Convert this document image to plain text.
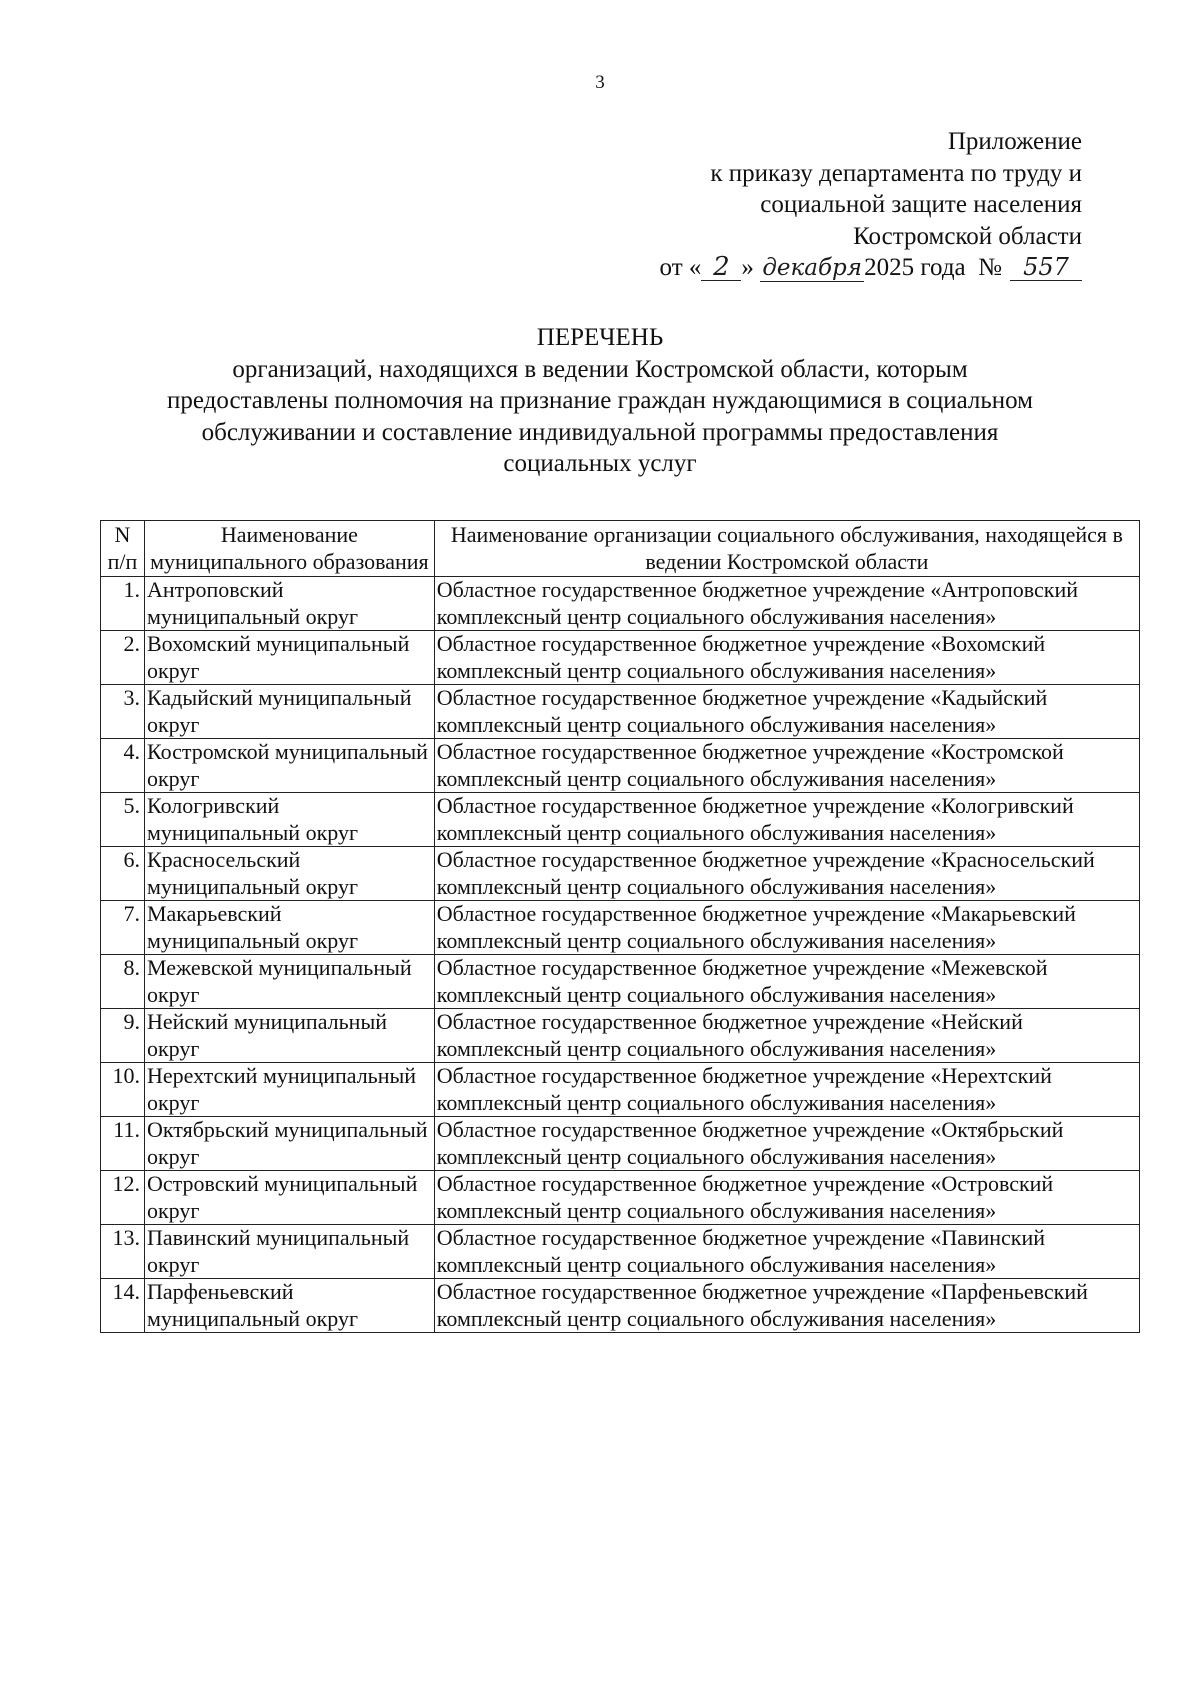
3
Приложение
к приказу департамента по труду и
социальной защите населения
Костромской области
от « 2 »
декабря 2025 года
№ 557
ПЕРЕЧЕНЬ
организаций, находящихся в ведении Костромской области, которым
предоставлены полномочия на признание граждан нуждающимися в социальном
обслуживании и составление индивидуальной программы предоставления
социальных услуг
N п/п	Наименование муниципального образования	Наименование организации социального обслуживания, находящейся в ведении Костромской области
1.	Антроповский муниципальный округ	Областное государственное бюджетное учреждение «Антроповский комплексный центр социального обслуживания населения»
2.	Вохомский муниципальный округ	Областное государственное бюджетное учреждение «Вохомский комплексный центр социального обслуживания населения»
3.	Кадыйский муниципальный округ	Областное государственное бюджетное учреждение «Кадыйский комплексный центр социального обслуживания населения»
4.	Костромской муниципальный округ	Областное государственное бюджетное учреждение «Костромской комплексный центр социального обслуживания населения»
5.	Кологривский муниципальный округ	Областное государственное бюджетное учреждение «Кологривский комплексный центр социального обслуживания населения»
6.	Красносельский муниципальный округ	Областное государственное бюджетное учреждение «Красносельский комплексный центр социального обслуживания населения»
7.	Макарьевский муниципальный округ	Областное государственное бюджетное учреждение «Макарьевский комплексный центр социального обслуживания населения»
8.	Межевской муниципальный округ	Областное государственное бюджетное учреждение «Межевской комплексный центр социального обслуживания населения»
9.	Нейский муниципальный округ	Областное государственное бюджетное учреждение «Нейский комплексный центр социального обслуживания населения»
10.	Нерехтский муниципальный округ	Областное государственное бюджетное учреждение «Нерехтский комплексный центр социального обслуживания населения»
11.	Октябрьский муниципальный округ	Областное государственное бюджетное учреждение «Октябрьский комплексный центр социального обслуживания населения»
12.	Островский муниципальный округ	Областное государственное бюджетное учреждение «Островский комплексный центр социального обслуживания населения»
13.	Павинский муниципальный округ	Областное государственное бюджетное учреждение «Павинский комплексный центр социального обслуживания населения»
14.	Парфеньевский муниципальный округ	Областное государственное бюджетное учреждение «Парфеньевский комплексный центр социального обслуживания населения»
